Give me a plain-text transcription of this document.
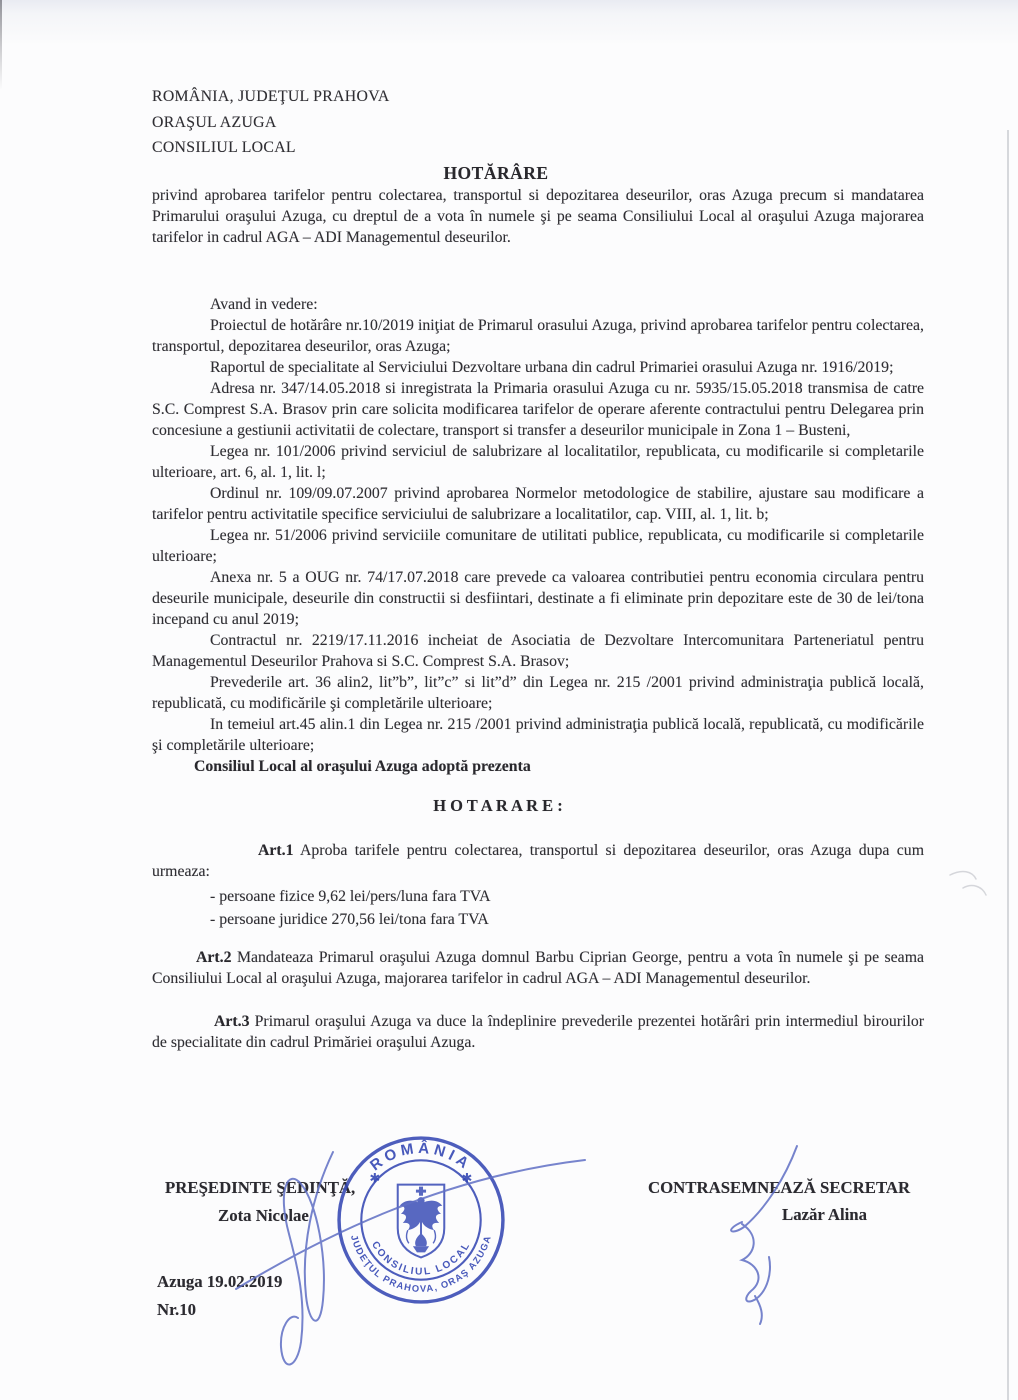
ROMÂNIA, JUDEŢUL PRAHOVA
ORAŞUL AZUGA
CONSILIUL LOCAL
HOTĂRÂRE

privind aprobarea tarifelor pentru colectarea, transportul si depozitarea deseurilor, oras Azuga precum si mandatarea Primarului oraşului Azuga, cu dreptul de a vota în numele şi pe seama Consiliului Local al oraşului Azuga majorarea tarifelor in cadrul AGA – ADI Managementul deseurilor.

Avand in vedere:

Proiectul de hotărâre nr.10/2019 iniţiat de Primarul orasului Azuga, privind aprobarea tarifelor pentru colectarea, transportul, depozitarea deseurilor, oras Azuga;

Raportul de specialitate al Serviciului Dezvoltare urbana din cadrul Primariei orasului Azuga nr. 1916/2019;

Adresa nr. 347/14.05.2018 si inregistrata la Primaria orasului Azuga cu nr. 5935/15.05.2018 transmisa de catre S.C. Comprest S.A. Brasov prin care solicita modificarea tarifelor de operare aferente contractului pentru Delegarea prin concesiune a gestiunii activitatii de colectare, transport si transfer a deseurilor municipale in Zona 1 – Busteni,

Legea nr. 101/2006 privind serviciul de salubrizare al localitatilor, republicata, cu modificarile si completarile ulterioare, art. 6, al. 1, lit. l;

Ordinul nr. 109/09.07.2007 privind aprobarea Normelor metodologice de stabilire, ajustare sau modificare a tarifelor pentru activitatile specifice serviciului de salubrizare a localitatilor, cap. VIII, al. 1, lit. b;

Legea nr. 51/2006 privind serviciile comunitare de utilitati publice, republicata, cu modificarile si completarile ulterioare;

Anexa nr. 5 a OUG nr. 74/17.07.2018 care prevede ca valoarea contributiei pentru economia circulara pentru deseurile municipale, deseurile din constructii si desfiintari, destinate a fi eliminate prin depozitare este de 30 de lei/tona incepand cu anul 2019;

Contractul nr. 2219/17.11.2016 incheiat de Asociatia de Dezvoltare Intercomunitara Parteneriatul pentru Managementul Deseurilor Prahova si S.C. Comprest S.A. Brasov;

Prevederile art. 36 alin2, lit”b”, lit”c” si lit”d” din Legea nr. 215 /2001 privind administraţia publică locală, republicată, cu modificările şi completările ulterioare;

In temeiul art.45 alin.1 din Legea nr. 215 /2001 privind administraţia publică locală, republicată, cu modificările şi completările ulterioare;

Consiliul Local al oraşului Azuga adoptă prezenta

H O T A R A R E :

Art.1 Aproba tarifele pentru colectarea, transportul si depozitarea deseurilor, oras Azuga dupa cum urmeaza:

- persoane fizice 9,62 lei/pers/luna fara TVA
- persoane juridice 270,56 lei/tona fara TVA

Art.2 Mandateaza Primarul oraşului Azuga domnul Barbu Ciprian George, pentru a vota în numele şi pe seama Consiliului Local al oraşului Azuga, majorarea tarifelor in cadrul AGA – ADI Managementul deseurilor.

Art.3 Primarul oraşului Azuga va duce la îndeplinire prevederile prezentei hotărâri prin intermediul birourilor de specialitate din cadrul Primăriei oraşului Azuga.

PREŞEDINTE ŞEDINŢĂ,
Zota Nicolae
CONTRASEMNEAZĂ SECRETAR
Lazăr Alina
Azuga 19.02.2019
Nr.10
ROMÂNIA
✱	✱
JUDEŢUL PRAHOVA, ORAŞ AZUGA
CONSILIUL LOCAL
